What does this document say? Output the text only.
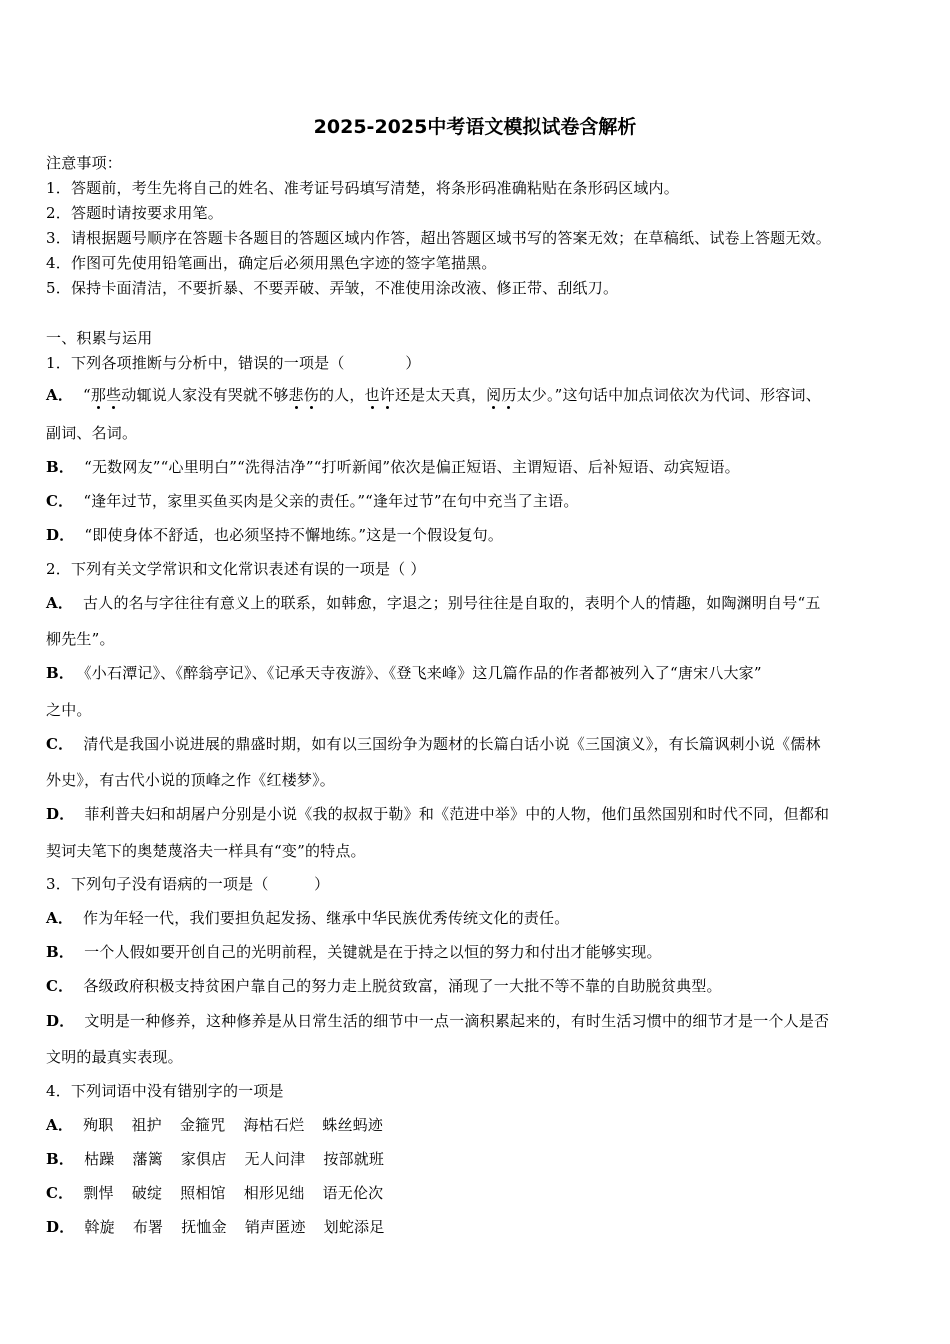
2025-2025中考语文模拟试卷含解析
注意事项：
1．答题前，考生先将自己的姓名、准考证号码填写清楚，将条形码准确粘贴在条形码区域内。
2．答题时请按要求用笔。
3．请根据题号顺序在答题卡各题目的答题区域内作答，超出答题区域书写的答案无效；在草稿纸、试卷上答题无效。
4．作图可先使用铅笔画出，确定后必须用黑色字迹的签字笔描黑。
5．保持卡面清洁，不要折暴、不要弄破、弄皱，不准使用涂改液、修正带、刮纸刀。
一、积累与运用
1．下列各项推断与分析中，错误的一项是（　　　　）
A． “那些动辄说人家没有哭就不够悲伤的人，也许还是太天真，阅历太少。”这句话中加点词依次为代词、形容词、
副词、名词。
B． “无数网友”“心里明白”“洗得洁净”“打听新闻”依次是偏正短语、主谓短语、后补短语、动宾短语。
C． “逢年过节，家里买鱼买肉是父亲的责任。”“逢年过节”在句中充当了主语。
D． “即使身体不舒适，也必须坚持不懈地练。”这是一个假设复句。
2．下列有关文学常识和文化常识表述有误的一项是（ ）
A． 古人的名与字往往有意义上的联系，如韩愈，字退之；别号往往是自取的，表明个人的情趣，如陶渊明自号“五
柳先生”。
B． 《小石潭记》、《醉翁亭记》、《记承天寺夜游》、《登飞来峰》这几篇作品的作者都被列入了“唐宋八大家”
之中。
C． 清代是我国小说进展的鼎盛时期，如有以三国纷争为题材的长篇白话小说《三国演义》，有长篇讽刺小说《儒林
外史》，有古代小说的顶峰之作《红楼梦》。
D． 菲利普夫妇和胡屠户分别是小说《我的叔叔于勒》和《范进中举》中的人物，他们虽然国别和时代不同，但都和
契诃夫笔下的奥楚蔑洛夫一样具有“变”的特点。
3．下列句子没有语病的一项是（　　　）
A． 作为年轻一代，我们要担负起发扬、继承中华民族优秀传统文化的责任。
B． 一个人假如要开创自己的光明前程，关键就是在于持之以恒的努力和付出才能够实现。
C． 各级政府积极支持贫困户靠自己的努力走上脱贫致富，涌现了一大批不等不靠的自助脱贫典型。
D． 文明是一种修养，这种修养是从日常生活的细节中一点一滴积累起来的，有时生活习惯中的细节才是一个人是否
文明的最真实表现。
4．下列词语中没有错别字的一项是
A． 殉职 祖护 金箍咒 海枯石烂 蛛丝蚂迹
B． 枯躁 藩篱 家俱店 无人问津 按部就班
C． 剽悍 破绽 照相馆 相形见绌 语无伦次
D． 斡旋 布署 抚恤金 销声匿迹 划蛇添足
